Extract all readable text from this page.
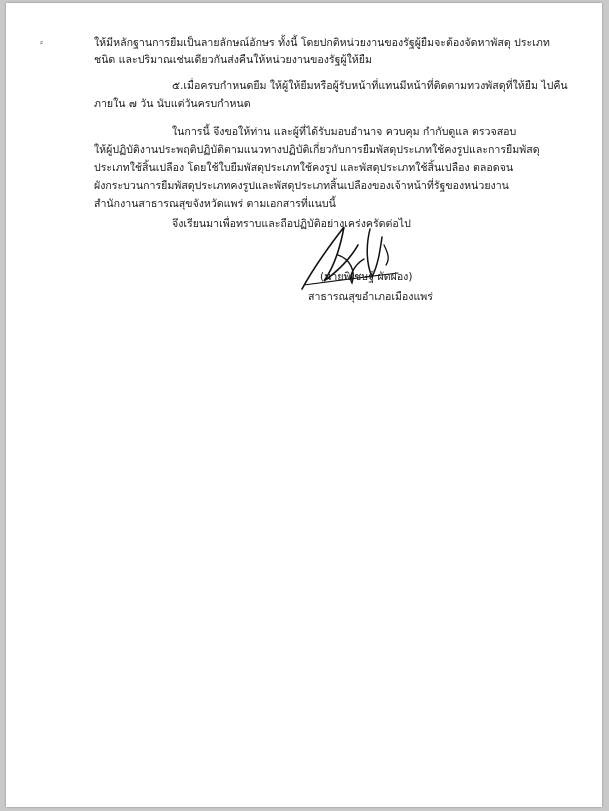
⸗	ให้มีหลักฐานการยืมเป็นลายลักษณ์อักษร ทั้งนี้ โดยปกติหน่วยงานของรัฐผู้ยืมจะต้องจัดหาพัสดุ ประเภท
ชนิด และปริมาณเช่นเดียวกันส่งคืนให้หน่วยงานของรัฐผู้ให้ยืม
๕.เมื่อครบกำหนดยืม ให้ผู้ให้ยืมหรือผู้รับหน้าที่แทนมีหน้าที่ติดตามทวงพัสดุที่ให้ยืม ไปคืน
ภายใน ๗ วัน นับแต่วันครบกำหนด
ในการนี้ จึงขอให้ท่าน และผู้ที่ได้รับมอบอำนาจ ควบคุม กำกับดูแล ตรวจสอบ
ให้ผู้ปฏิบัติงานประพฤติปฏิบัติตามแนวทางปฏิบัติเกี่ยวกับการยืมพัสดุประเภทใช้คงรูปและการยืมพัสดุ
ประเภทใช้สิ้นเปลือง โดยใช้ใบยืมพัสดุประเภทใช้คงรูป และพัสดุประเภทใช้สิ้นเปลือง ตลอดจน
ผังกระบวนการยืมพัสดุประเภทคงรูปและพัสดุประเภทสิ้นเปลืองของเจ้าหน้าที่รัฐของหน่วยงาน
สำนักงานสาธารณสุขจังหวัดแพร่ ตามเอกสารที่แนบนี้
จึงเรียนมาเพื่อทราบและถือปฏิบัติอย่างเคร่งครัดต่อไป
(นายพิเชษฐ์ ผัดผ่อง)
สาธารณสุขอำเภอเมืองแพร่
